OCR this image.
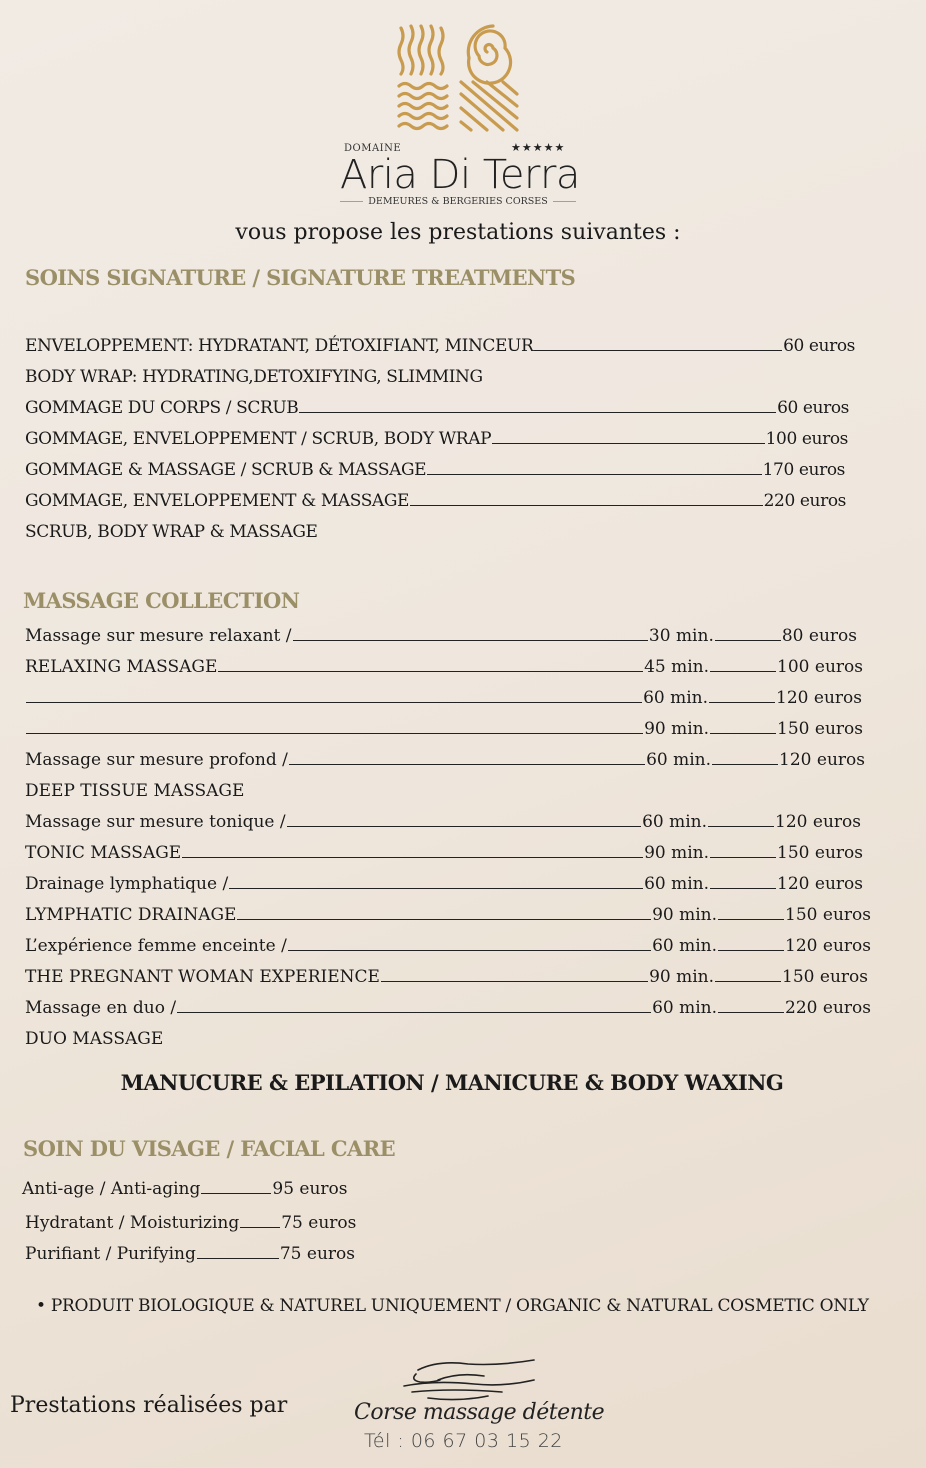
DOMAINE	★★★★★
Aria Di Terra
DEMEURES & BERGERIES CORSES
vous propose les prestations suivantes :
SOINS SIGNATURE / SIGNATURE TREATMENTS
ENVELOPPEMENT: HYDRATANT, DÉTOXIFIANT, MINCEUR	60 euros
BODY WRAP: HYDRATING,DETOXIFYING, SLIMMING
GOMMAGE DU CORPS / SCRUB	60 euros
GOMMAGE, ENVELOPPEMENT / SCRUB, BODY WRAP	100 euros
GOMMAGE & MASSAGE / SCRUB & MASSAGE	170 euros
GOMMAGE, ENVELOPPEMENT & MASSAGE	220 euros
SCRUB, BODY WRAP & MASSAGE
MASSAGE COLLECTION
Massage sur mesure relaxant /	30 min.	80 euros
RELAXING MASSAGE	45 min.	100 euros
60 min.	120 euros
90 min.	150 euros
Massage sur mesure profond /	60 min.	120 euros
DEEP TISSUE MASSAGE
Massage sur mesure tonique /	60 min.	120 euros
TONIC MASSAGE	90 min.	150 euros
Drainage lymphatique /	60 min.	120 euros
LYMPHATIC DRAINAGE	90 min.	150 euros
L’expérience femme enceinte /	60 min.	120 euros
THE PREGNANT WOMAN EXPERIENCE	90 min.	150 euros
Massage en duo /	60 min.	220 euros
DUO MASSAGE
MANUCURE & EPILATION / MANICURE & BODY WAXING
SOIN DU VISAGE / FACIAL CARE
Anti-age / Anti-aging	95 euros
Hydratant / Moisturizing 75 euros
Purifiant / Purifying	75 euros
• PRODUIT BIOLOGIQUE & NATUREL UNIQUEMENT / ORGANIC & NATURAL COSMETIC ONLY
Prestations réalisées par	Corse massage détente
Tél : 06 67 03 15 22
